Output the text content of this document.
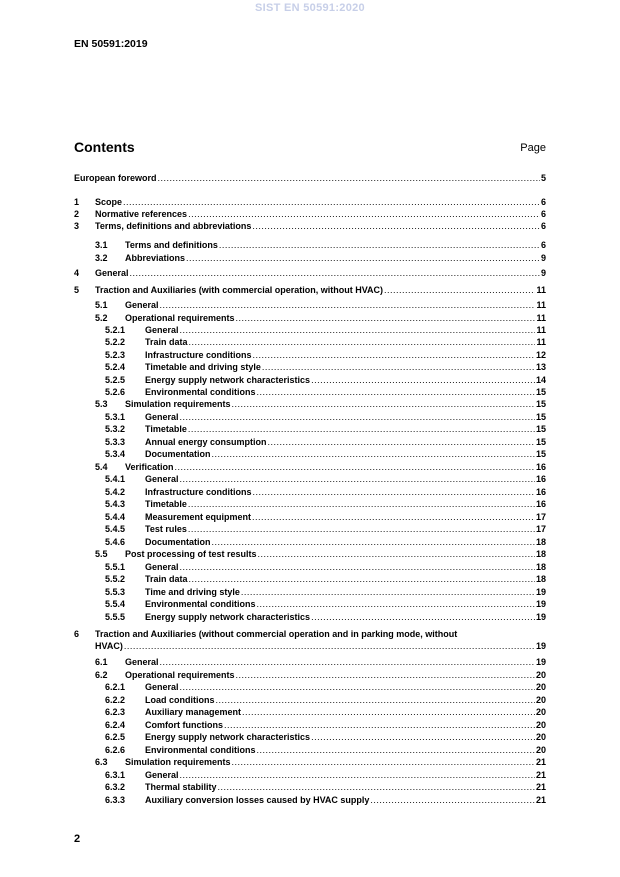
SIST EN 50591:2020
EN 50591:2019
Contents	Page
European foreword .....	5
1	Scope .....	6
2	Normative references .....	6
3	Terms, definitions and abbreviations .....	6
3.1	Terms and definitions .....	6
3.2	Abbreviations .....	9
4	General .....	9
5	Traction and Auxiliaries (with commercial operation, without HVAC) .....	11
5.1	General .....	11
5.2	Operational requirements .....	11
5.2.1	General .....	11
5.2.2	Train data .....	11
5.2.3	Infrastructure conditions .....	12
5.2.4	Timetable and driving style .....	13
5.2.5	Energy supply network characteristics .....	14
5.2.6	Environmental conditions .....	15
5.3	Simulation requirements .....	15
5.3.1	General .....	15
5.3.2	Timetable .....	15
5.3.3	Annual energy consumption .....	15
5.3.4	Documentation .....	15
5.4	Verification .....	16
5.4.1	General .....	16
5.4.2	Infrastructure conditions .....	16
5.4.3	Timetable .....	16
5.4.4	Measurement equipment .....	17
5.4.5	Test rules .....	17
5.4.6	Documentation .....	18
5.5	Post processing of test results .....	18
5.5.1	General .....	18
5.5.2	Train data .....	18
5.5.3	Time and driving style .....	19
5.5.4	Environmental conditions .....	19
5.5.5	Energy supply network characteristics .....	19
6	Traction and Auxiliaries (without commercial operation and in parking mode, without
HVAC) .....	19
6.1	General .....	19
6.2	Operational requirements .....	20
6.2.1	General .....	20
6.2.2	Load conditions .....	20
6.2.3	Auxiliary management .....	20
6.2.4	Comfort functions .....	20
6.2.5	Energy supply network characteristics .....	20
6.2.6	Environmental conditions .....	20
6.3	Simulation requirements .....	21
6.3.1	General .....	21
6.3.2	Thermal stability .....	21
6.3.3	Auxiliary conversion losses caused by HVAC supply .....	21
2
